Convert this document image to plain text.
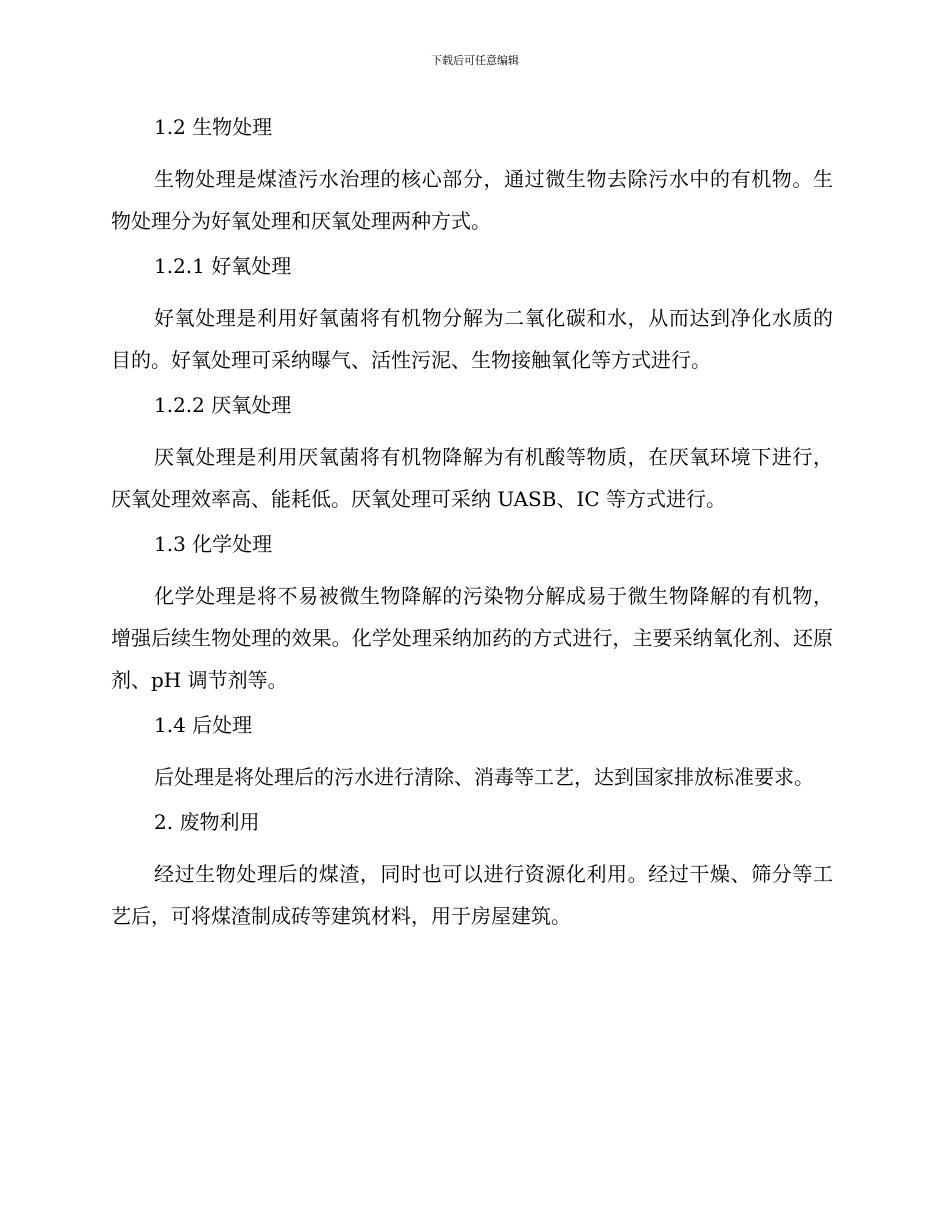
下载后可任意编辑
1.2 生物处理

生物处理是煤渣污水治理的核心部分，通过微生物去除污水中的有机物。生物处理分为好氧处理和厌氧处理两种方式。

1.2.1 好氧处理

好氧处理是利用好氧菌将有机物分解为二氧化碳和水，从而达到净化水质的目的。好氧处理可采纳曝气、活性污泥、生物接触氧化等方式进行。

1.2.2 厌氧处理

厌氧处理是利用厌氧菌将有机物降解为有机酸等物质，在厌氧环境下进行，厌氧处理效率高、能耗低。厌氧处理可采纳 UASB、IC 等方式进行。

1.3 化学处理

化学处理是将不易被微生物降解的污染物分解成易于微生物降解的有机物，增强后续生物处理的效果。化学处理采纳加药的方式进行，主要采纳氧化剂、还原剂、pH 调节剂等。

1.4 后处理

后处理是将处理后的污水进行清除、消毒等工艺，达到国家排放标准要求。

2. 废物利用

经过生物处理后的煤渣，同时也可以进行资源化利用。经过干燥、筛分等工艺后，可将煤渣制成砖等建筑材料，用于房屋建筑。
